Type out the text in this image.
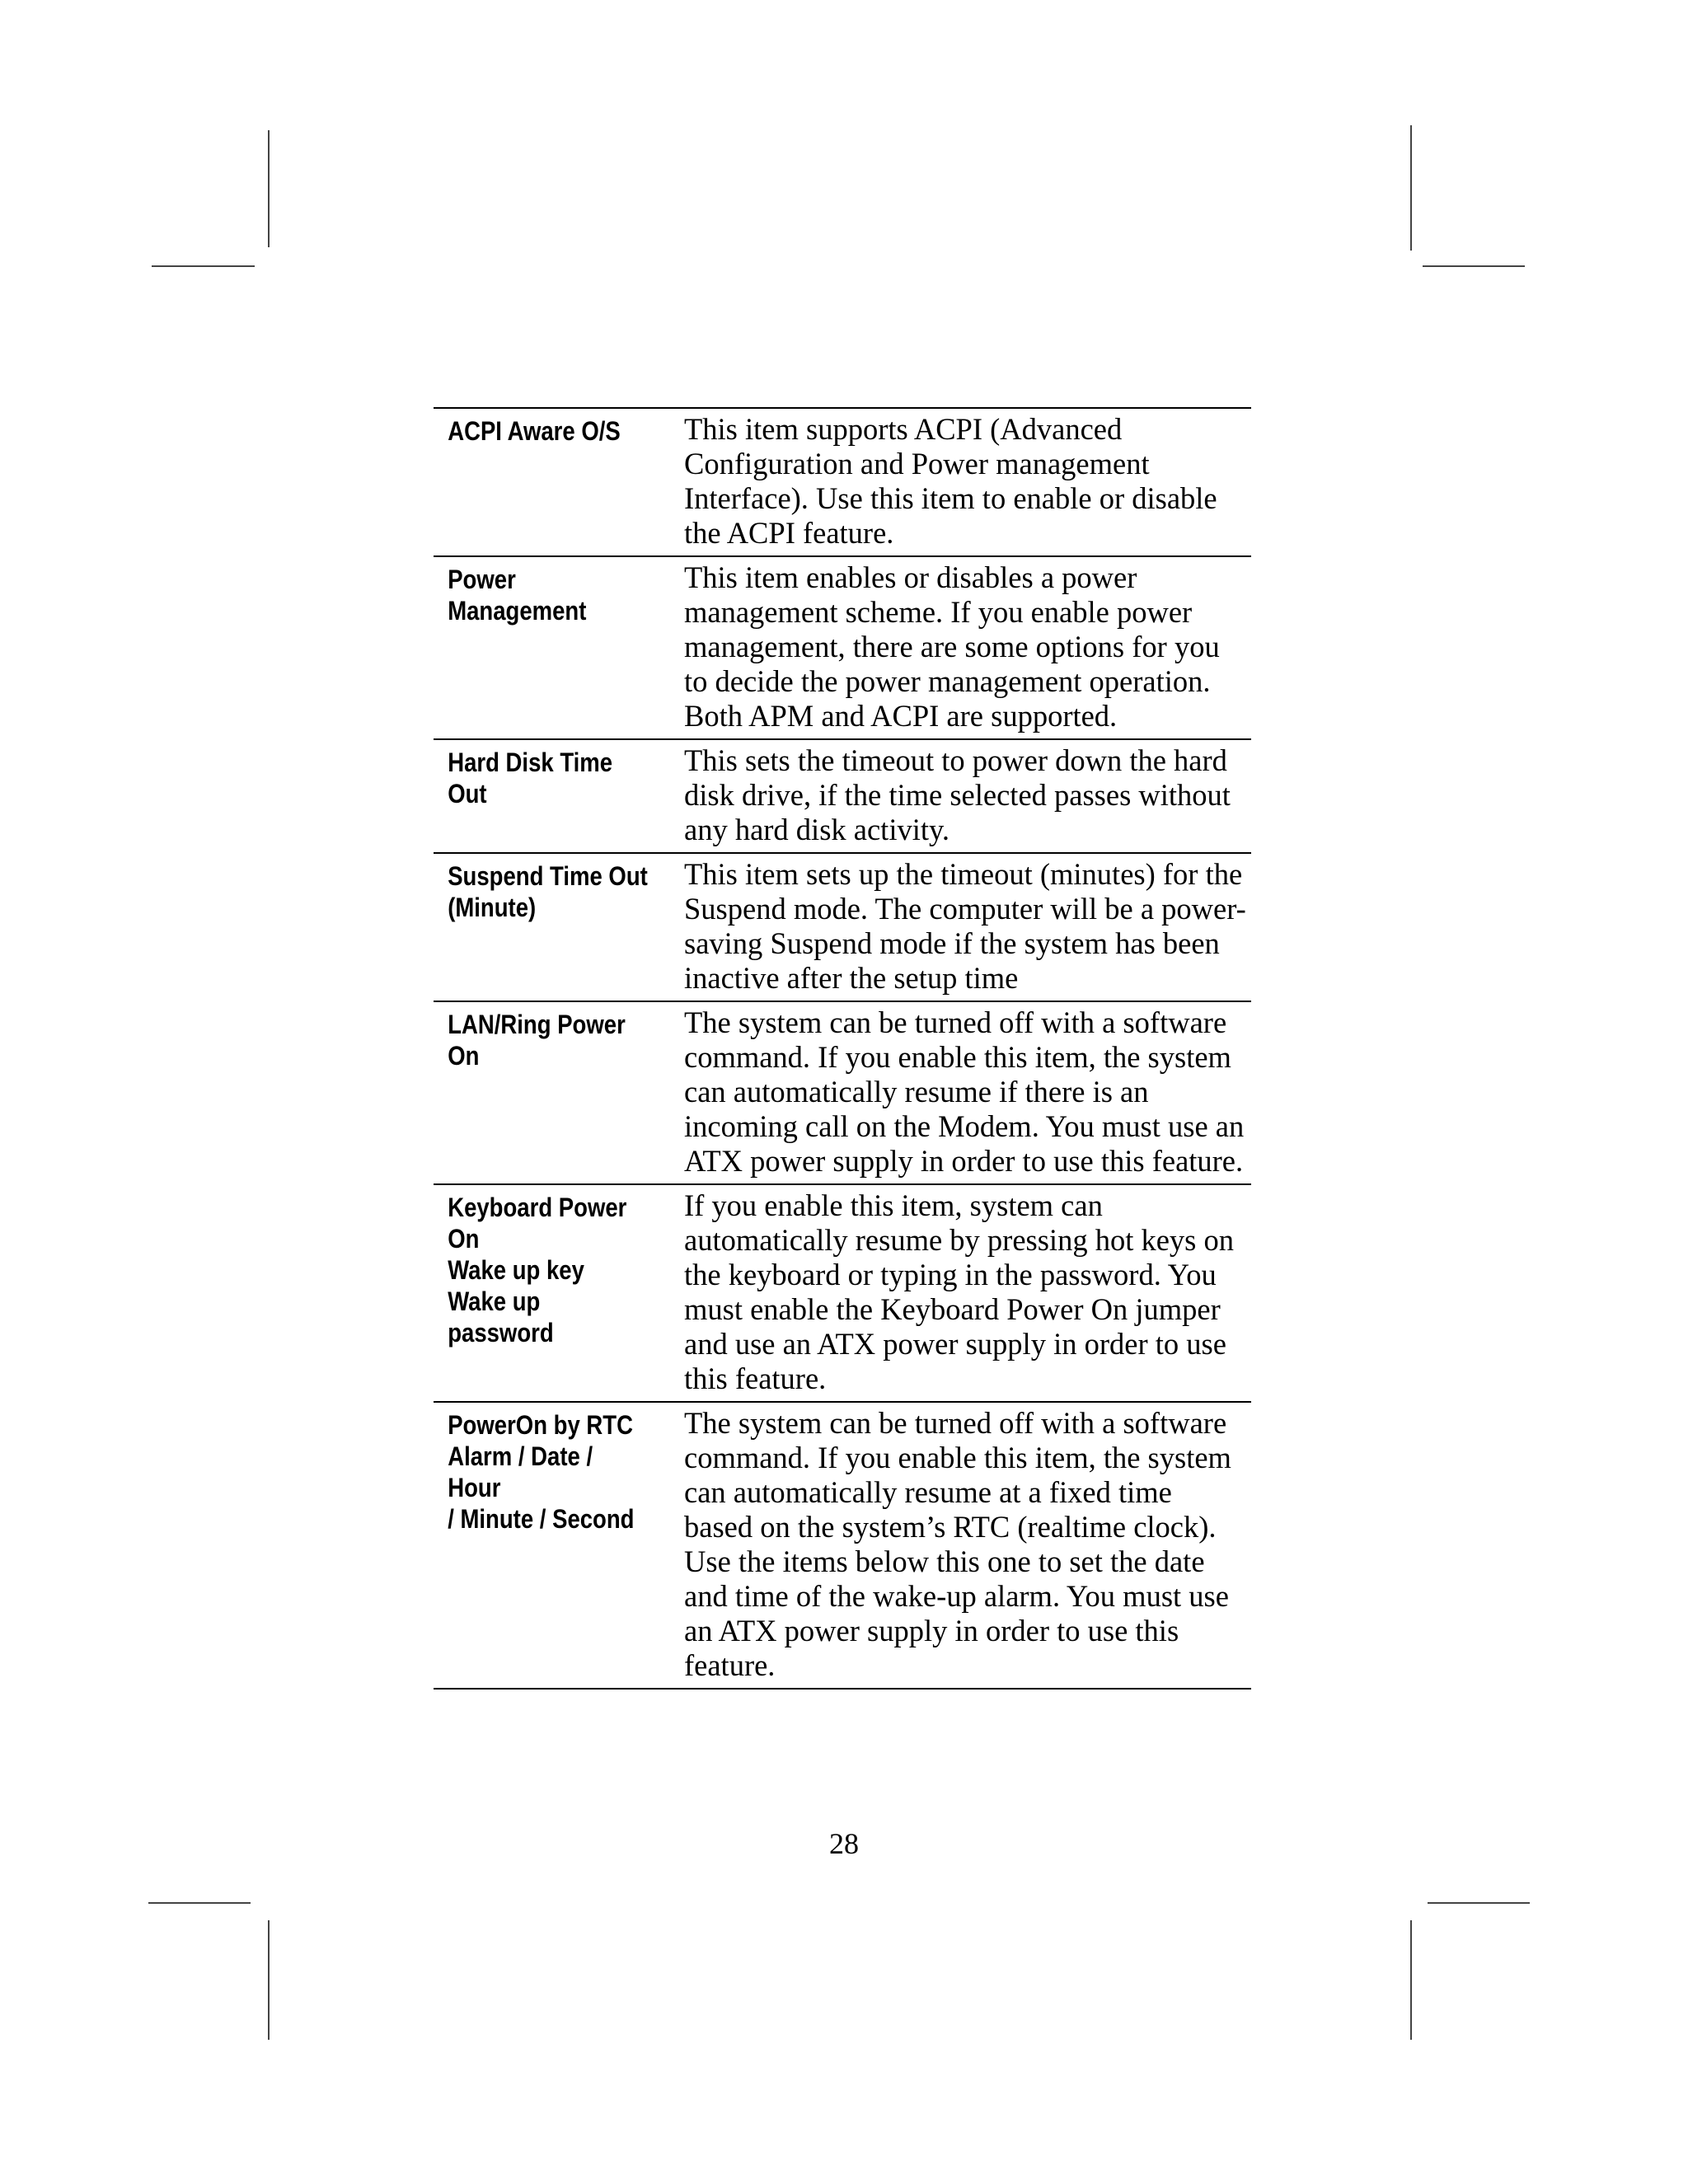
ACPI Aware O/S	This item supports ACPI (Advanced Configuration and Power management Interface). Use this item to enable or disable the ACPI feature.
Power
Management
This item enables or disables a power management scheme. If you enable power management, there are some options for you to decide the power management operation. Both APM and ACPI are supported.
Hard Disk Time
Out
This sets the timeout to power down the hard disk drive, if the time selected passes without any hard disk activity.
Suspend Time Out
(Minute)
This item sets up the timeout (minutes) for the Suspend mode. The computer will be a power-saving Suspend mode if the system has been inactive after the setup time
LAN/Ring Power
On
The system can be turned off with a software command. If you enable this item, the system can automatically resume if there is an incoming call on the Modem. You must use an ATX power supply in order to use this feature.
Keyboard Power
On
Wake up key
Wake up
password
If you enable this item, system can automatically resume by pressing hot keys on the keyboard or typing in the password. You must enable the Keyboard Power On jumper and use an ATX power supply in order to use this feature.
PowerOn by RTC
Alarm / Date / Hour
/ Minute / Second
The system can be turned off with a software command. If you enable this item, the system can automatically resume at a fixed time based on the system’s RTC (realtime clock). Use the items below this one to set the date and time of the wake-up alarm. You must use an ATX power supply in order to use this feature.
28
